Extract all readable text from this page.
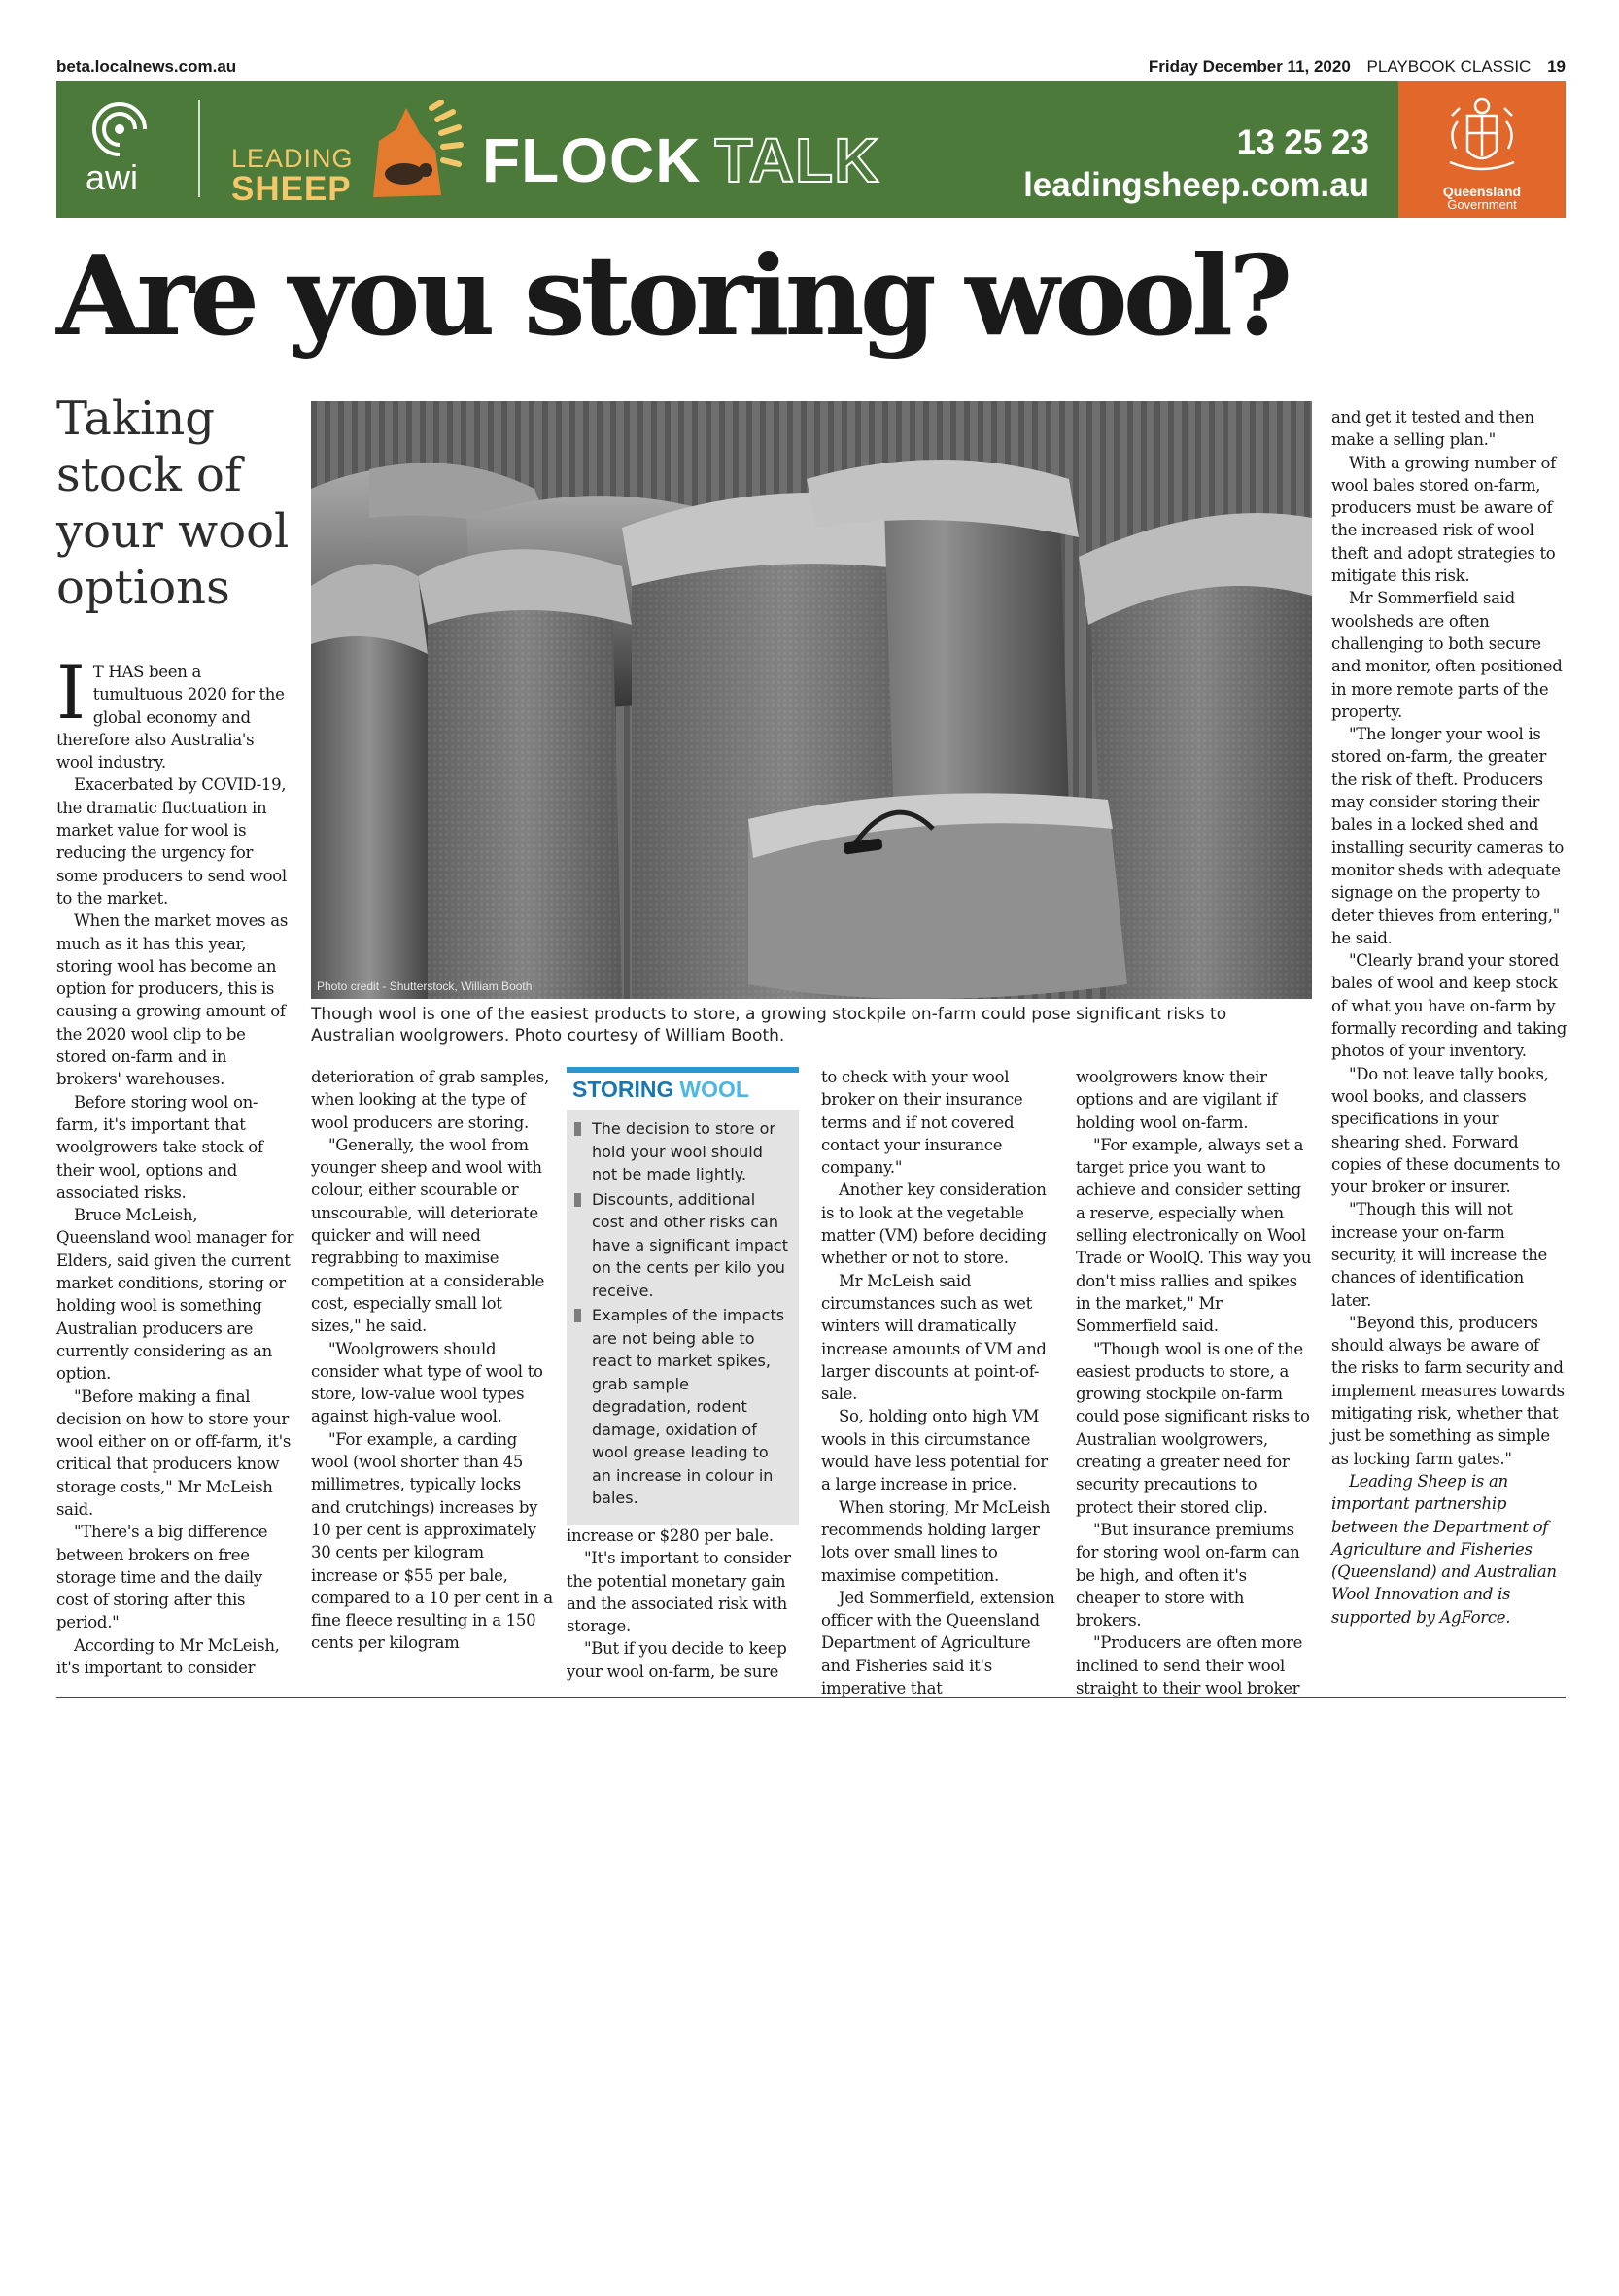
beta.localnews.com.au	Friday December 11, 2020 PLAYBOOK CLASSIC 19
awi	LEADING
SHEEP FLOCK TALK	13 25 23
leadingsheep.com.au	Queensland
Government
Are you storing wool?
Taking stock of your wool options
Photo credit - Shutterstock, William Booth
Though wool is one of the easiest products to store, a growing stockpile on-farm could pose significant risks to Australian woolgrowers. Photo courtesy of William Booth.

I T HAS been a tumultuous 2020 for the global economy and therefore also Australia's wool industry.

Exacerbated by COVID-19, the dramatic fluctuation in market value for wool is reducing the urgency for some producers to send wool to the market.

When the market moves as much as it has this year, storing wool has become an option for producers, this is causing a growing amount of the 2020 wool clip to be stored on-farm and in brokers' warehouses.

Before storing wool on-farm, it's important that woolgrowers take stock of their wool, options and associated risks.

Bruce McLeish, Queensland wool manager for Elders, said given the current market conditions, storing or holding wool is something Australian producers are currently considering as an option.

"Before making a final decision on how to store your wool either on or off-farm, it's critical that producers know storage costs," Mr McLeish said.

"There's a big difference between brokers on free storage time and the daily cost of storing after this period."

According to Mr McLeish, it's important to consider

deterioration of grab samples, when looking at the type of wool producers are storing.

"Generally, the wool from younger sheep and wool with colour, either scourable or unscourable, will deteriorate quicker and will need regrabbing to maximise competition at a considerable cost, especially small lot sizes," he said.

"Woolgrowers should consider what type of wool to store, low-value wool types against high-value wool.

"For example, a carding wool (wool shorter than 45 millimetres, typically locks and crutchings) increases by 10 per cent is approximately 30 cents per kilogram increase or $55 per bale, compared to a 10 per cent in a fine fleece resulting in a 150 cents per kilogram

STORING WOOL
The decision to store or hold your wool should not be made lightly.
Discounts, additional cost and other risks can have a significant impact on the cents per kilo you receive.
Examples of the impacts are not being able to react to market spikes, grab sample degradation, rodent damage, oxidation of wool grease leading to an increase in colour in bales.

increase or $280 per bale.

"It's important to consider the potential monetary gain and the associated risk with storage.

"But if you decide to keep your wool on-farm, be sure

to check with your wool broker on their insurance terms and if not covered contact your insurance company."

Another key consideration is to look at the vegetable matter (VM) before deciding whether or not to store.

Mr McLeish said circumstances such as wet winters will dramatically increase amounts of VM and larger discounts at point-of-sale.

So, holding onto high VM wools in this circumstance would have less potential for a large increase in price.

When storing, Mr McLeish recommends holding larger lots over small lines to maximise competition.

Jed Sommerfield, extension officer with the Queensland Department of Agriculture and Fisheries said it's imperative that

woolgrowers know their options and are vigilant if holding wool on-farm.

"For example, always set a target price you want to achieve and consider setting a reserve, especially when selling electronically on Wool Trade or WoolQ. This way you don't miss rallies and spikes in the market," Mr Sommerfield said.

"Though wool is one of the easiest products to store, a growing stockpile on-farm could pose significant risks to Australian woolgrowers, creating a greater need for security precautions to protect their stored clip.

"But insurance premiums for storing wool on-farm can be high, and often it's cheaper to store with brokers.

"Producers are often more inclined to send their wool straight to their wool broker

and get it tested and then make a selling plan."

With a growing number of wool bales stored on-farm, producers must be aware of the increased risk of wool theft and adopt strategies to mitigate this risk.

Mr Sommerfield said woolsheds are often challenging to both secure and monitor, often positioned in more remote parts of the property.

"The longer your wool is stored on-farm, the greater the risk of theft. Producers may consider storing their bales in a locked shed and installing security cameras to monitor sheds with adequate signage on the property to deter thieves from entering," he said.

"Clearly brand your stored bales of wool and keep stock of what you have on-farm by formally recording and taking photos of your inventory.

"Do not leave tally books, wool books, and classers specifications in your shearing shed. Forward copies of these documents to your broker or insurer.

"Though this will not increase your on-farm security, it will increase the chances of identification later.

"Beyond this, producers should always be aware of the risks to farm security and implement measures towards mitigating risk, whether that just be something as simple as locking farm gates."

Leading Sheep is an important partnership between the Department of Agriculture and Fisheries (Queensland) and Australian Wool Innovation and is supported by AgForce.
